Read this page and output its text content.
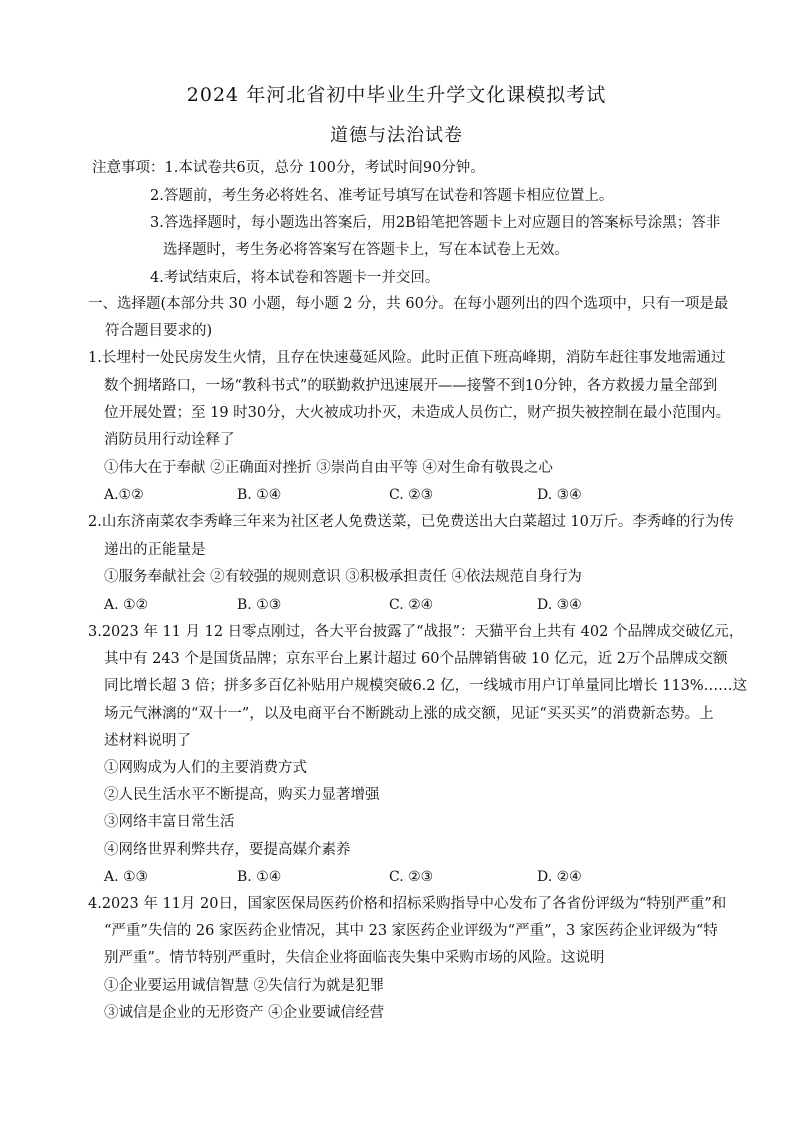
2024 年河北省初中毕业生升学文化课模拟考试
道德与法治试卷
注意事项：1.本试卷共6页，总分 100分，考试时间90分钟。
2.答题前，考生务必将姓名、准考证号填写在试卷和答题卡相应位置上。
3.答选择题时，每小题选出答案后，用2B铅笔把答题卡上对应题目的答案标号涂黑；答非
选择题时，考生务必将答案写在答题卡上，写在本试卷上无效。
4.考试结束后，将本试卷和答题卡一并交回。
一、选择题(本部分共 30 小题，每小题 2 分，共 60分。在每小题列出的四个选项中，只有一项是最
符合题目要求的)
1.长埋村一处民房发生火情，且存在快速蔓延风险。此时正值下班高峰期，消防车赶往事发地需通过
数个拥堵路口，一场“教科书式”的联勤救护迅速展开——接警不到10分钟，各方救援力量全部到
位开展处置；至 19 时30分，大火被成功扑灭，未造成人员伤亡，财产损失被控制在最小范围内。
消防员用行动诠释了
①伟大在于奉献 ②正确面对挫折 ③崇尚自由平等 ④对生命有敬畏之心
A.①②	B. ①④	C. ②③	D. ③④
2.山东济南菜农李秀峰三年来为社区老人免费送菜，已免费送出大白菜超过 10万斤。李秀峰的行为传
递出的正能量是
①服务奉献社会 ②有较强的规则意识 ③积极承担责任 ④依法规范自身行为
A. ①②	B. ①③	C. ②④	D. ③④
3.2023 年 11 月 12 日零点刚过，各大平台披露了“战报”：天猫平台上共有 402 个品牌成交破亿元，
其中有 243 个是国货品牌；京东平台上累计超过 60个品牌销售破 10 亿元，近 2万个品牌成交额
同比增长超 3 倍；拼多多百亿补贴用户规模突破6.2 亿，一线城市用户订单量同比增长 113%……这
场元气淋漓的“双十一”，以及电商平台不断跳动上涨的成交额，见证“买买买”的消费新态势。上
述材料说明了
①网购成为人们的主要消费方式
②人民生活水平不断提高，购买力显著增强
③网络丰富日常生活
④网络世界利弊共存，要提高媒介素养
A. ①③	B. ①④	C. ②③	D. ②④
4.2023 年 11月 20日，国家医保局医药价格和招标采购指导中心发布了各省份评级为“特别严重”和
“严重”失信的 26 家医药企业情况，其中 23 家医药企业评级为“严重”，3 家医药企业评级为“特
别严重”。情节特别严重时，失信企业将面临丧失集中采购市场的风险。这说明
①企业要运用诚信智慧 ②失信行为就是犯罪
③诚信是企业的无形资产 ④企业要诚信经营
